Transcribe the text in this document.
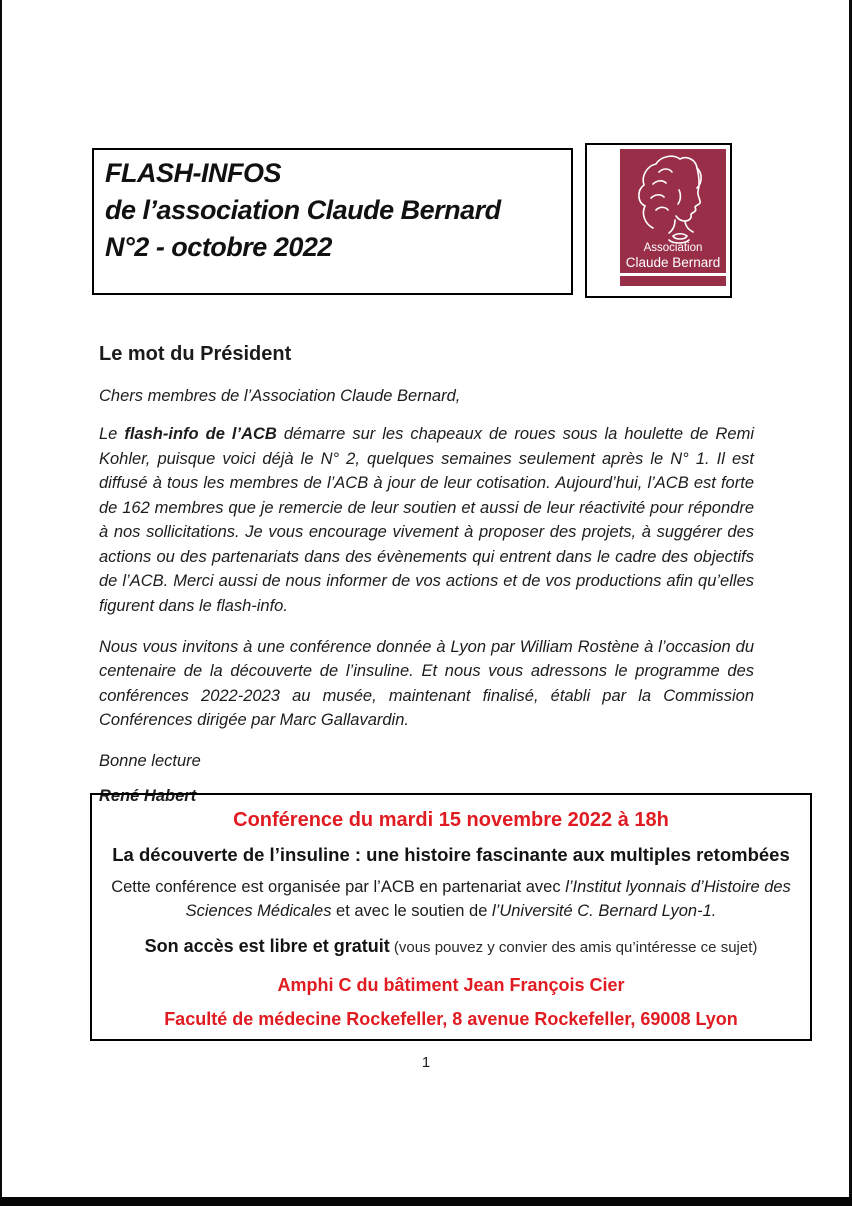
FLASH-INFOS
de l’association Claude Bernard
N°2 - octobre 2022	Association
Claude Bernard
Le mot du Président
Chers membres de l’Association Claude Bernard,

Le flash-info de l’ACB démarre sur les chapeaux de roues sous la houlette de Remi Kohler, puisque voici déjà le N° 2, quelques semaines seulement après le N° 1. Il est diffusé à tous les membres de l’ACB à jour de leur cotisation. Aujourd’hui, l’ACB est forte de 162 membres que je remercie de leur soutien et aussi de leur réactivité pour répondre à nos sollicitations. Je vous encourage vivement à proposer des projets, à suggérer des actions ou des partenariats dans des évènements qui entrent dans le cadre des objectifs de l’ACB. Merci aussi de nous informer de vos actions et de vos productions afin qu’elles figurent dans le flash-info.

Nous vous invitons à une conférence donnée à Lyon par William Rostène à l’occasion du centenaire de la découverte de l’insuline. Et nous vous adressons le programme des conférences 2022-2023 au musée, maintenant finalisé, établi par la Commission Conférences dirigée par Marc Gallavardin.

Bonne lecture
René Habert
Conférence du mardi 15 novembre 2022 à 18h
La découverte de l’insuline : une histoire fascinante aux multiples retombées
Cette conférence est organisée par l’ACB en partenariat avec l’Institut lyonnais d’Histoire des Sciences Médicales et avec le soutien de l’Université C. Bernard Lyon-1.
Son accès est libre et gratuit (vous pouvez y convier des amis qu’intéresse ce sujet)
Amphi C du bâtiment Jean François Cier
Faculté de médecine Rockefeller, 8 avenue Rockefeller, 69008 Lyon
1
